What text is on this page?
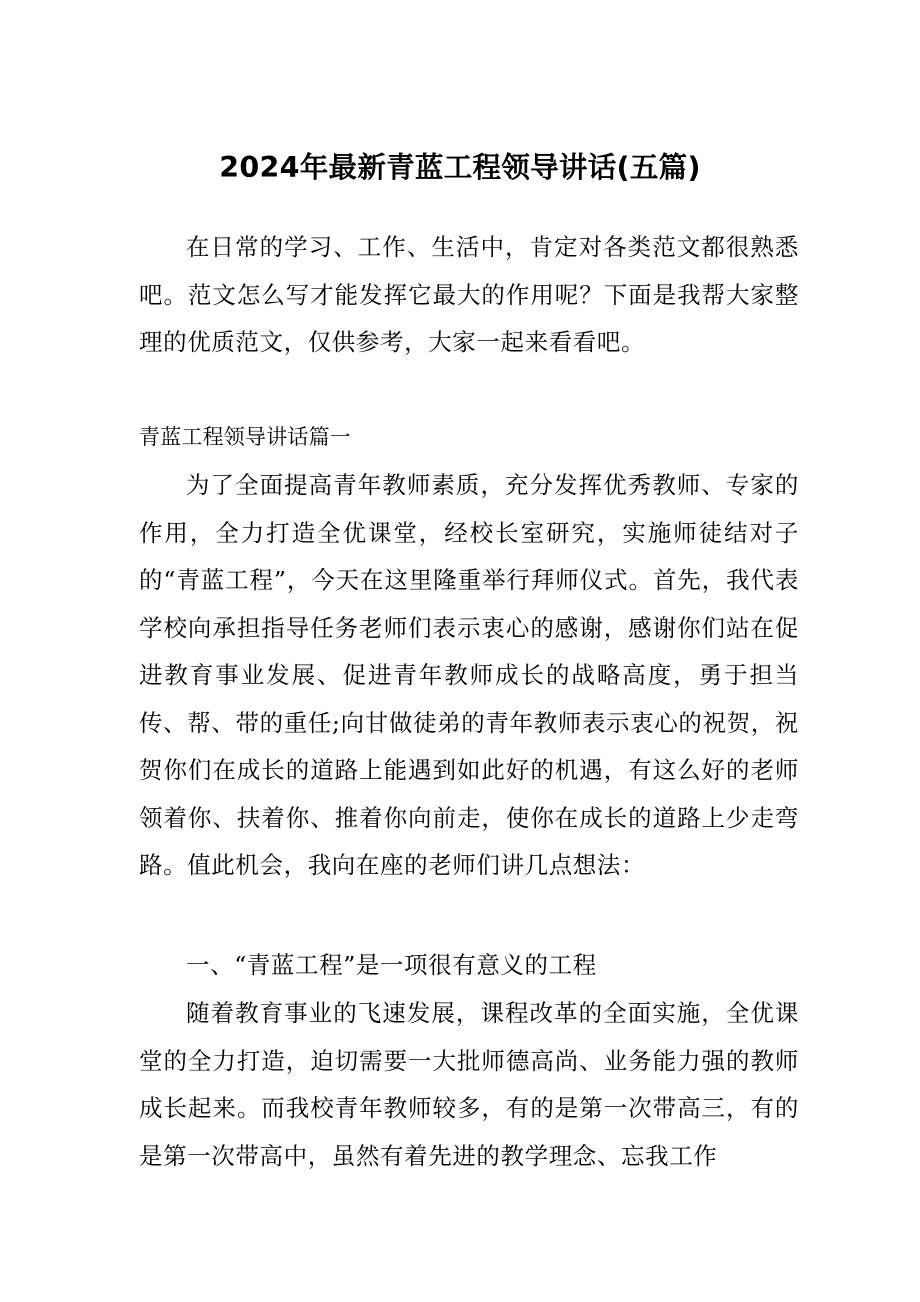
2024年最新青蓝工程领导讲话(五篇)

在日常的学习、工作、生活中，肯定对各类范文都很熟悉吧。范文怎么写才能发挥它最大的作用呢？下面是我帮大家整理的优质范文，仅供参考，大家一起来看看吧。

青蓝工程领导讲话篇一

为了全面提高青年教师素质，充分发挥优秀教师、专家的作用，全力打造全优课堂，经校长室研究，实施师徒结对子的“青蓝工程”，今天在这里隆重举行拜师仪式。首先，我代表学校向承担指导任务老师们表示衷心的感谢，感谢你们站在促进教育事业发展、促进青年教师成长的战略高度，勇于担当传、帮、带的重任;向甘做徒弟的青年教师表示衷心的祝贺，祝贺你们在成长的道路上能遇到如此好的机遇，有这么好的老师领着你、扶着你、推着你向前走，使你在成长的道路上少走弯路。值此机会，我向在座的老师们讲几点想法：

一、“青蓝工程”是一项很有意义的工程

随着教育事业的飞速发展，课程改革的全面实施，全优课堂的全力打造，迫切需要一大批师德高尚、业务能力强的教师成长起来。而我校青年教师较多，有的是第一次带高三，有的是第一次带高中，虽然有着先进的教学理念、忘我工作
